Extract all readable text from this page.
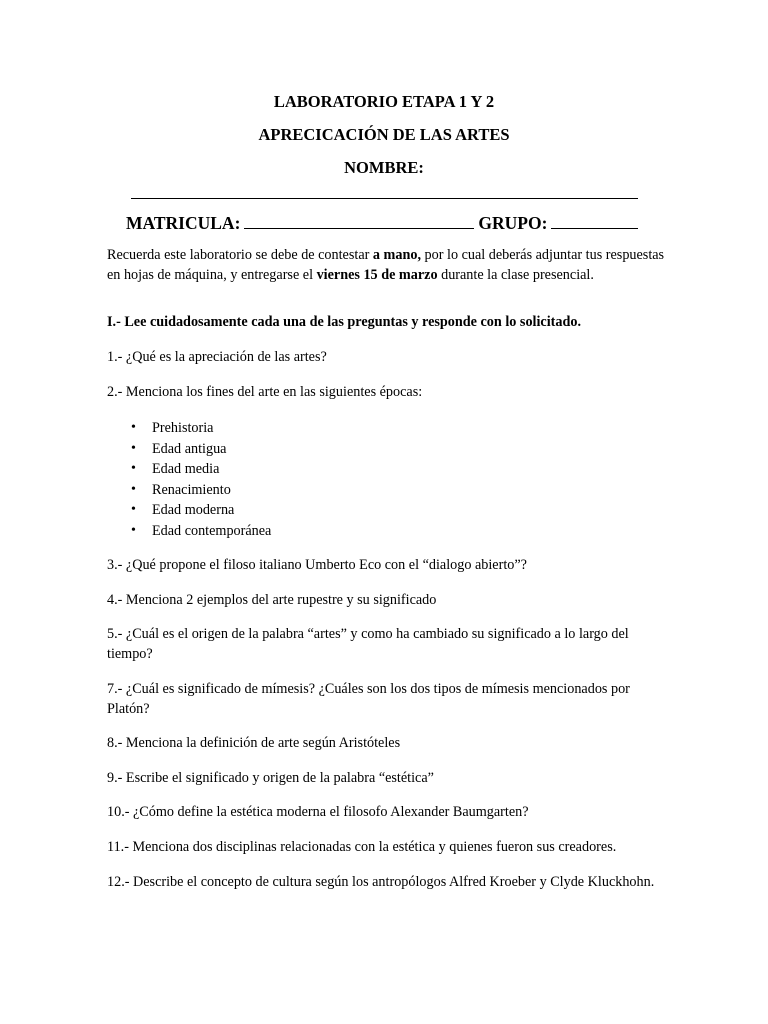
LABORATORIO ETAPA 1 Y 2
APRECICACIÓN DE LAS ARTES
NOMBRE:
MATRICULA:	GRUPO:
Recuerda este laboratorio se debe de contestar a mano, por lo cual deberás adjuntar tus respuestas en hojas de máquina, y entregarse el viernes 15 de marzo durante la clase presencial.
I.- Lee cuidadosamente cada una de las preguntas y responde con lo solicitado.
1.- ¿Qué es la apreciación de las artes?
2.- Menciona los fines del arte en las siguientes épocas:
• Prehistoria
• Edad antigua
• Edad media
• Renacimiento
• Edad moderna
• Edad contemporánea
3.- ¿Qué propone el filoso italiano Umberto Eco con el “dialogo abierto”?
4.- Menciona 2 ejemplos del arte rupestre y su significado
5.- ¿Cuál es el origen de la palabra “artes” y como ha cambiado su significado a lo largo del tiempo?
7.- ¿Cuál es significado de mímesis? ¿Cuáles son los dos tipos de mímesis mencionados por Platón?
8.- Menciona la definición de arte según Aristóteles
9.- Escribe el significado y origen de la palabra “estética”
10.- ¿Cómo define la estética moderna el filosofo Alexander Baumgarten?
11.- Menciona dos disciplinas relacionadas con la estética y quienes fueron sus creadores.
12.- Describe el concepto de cultura según los antropólogos Alfred Kroeber y Clyde Kluckhohn.
